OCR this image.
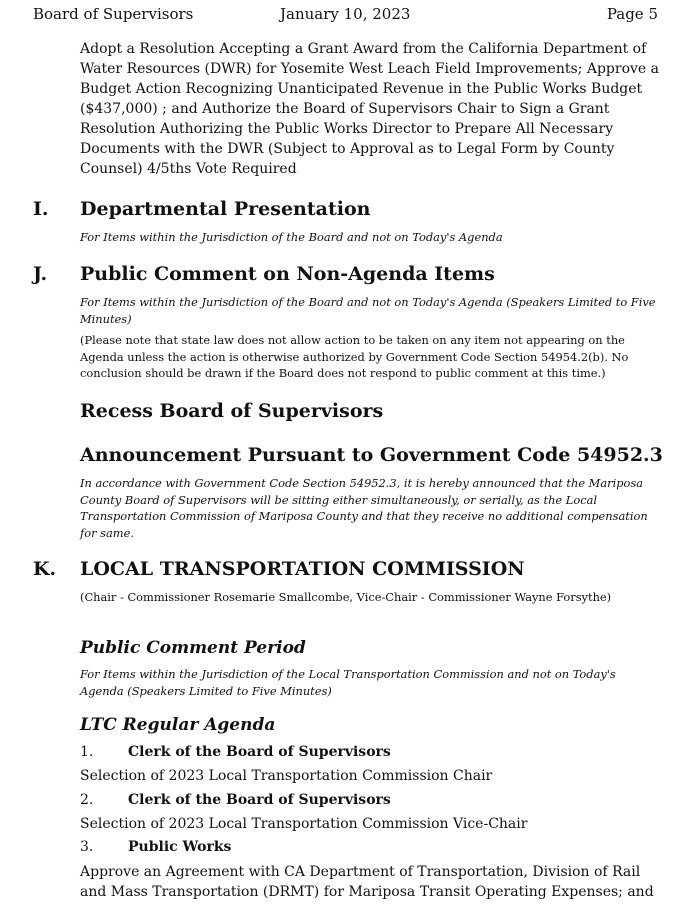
Board of Supervisors	January 10, 2023	Page 5
Adopt a Resolution Accepting a Grant Award from the California Department of Water Resources (DWR) for Yosemite West Leach Field Improvements; Approve a Budget Action Recognizing Unanticipated Revenue in the Public Works Budget ($437,000) ; and Authorize the Board of Supervisors Chair to Sign a Grant Resolution Authorizing the Public Works Director to Prepare All Necessary Documents with the DWR (Subject to Approval as to Legal Form by County Counsel) 4/5ths Vote Required
I. Departmental Presentation
For Items within the Jurisdiction of the Board and not on Today's Agenda
J. Public Comment on Non-Agenda Items
For Items within the Jurisdiction of the Board and not on Today's Agenda (Speakers Limited to Five Minutes)
(Please note that state law does not allow action to be taken on any item not appearing on the Agenda unless the action is otherwise authorized by Government Code Section 54954.2(b). No conclusion should be drawn if the Board does not respond to public comment at this time.)
Recess Board of Supervisors
Announcement Pursuant to Government Code 54952.3
In accordance with Government Code Section 54952.3, it is hereby announced that the Mariposa County Board of Supervisors will be sitting either simultaneously, or serially, as the Local Transportation Commission of Mariposa County and that they receive no additional compensation for same.
K. LOCAL TRANSPORTATION COMMISSION
(Chair - Commissioner Rosemarie Smallcombe, Vice-Chair - Commissioner Wayne Forsythe)
Public Comment Period
For Items within the Jurisdiction of the Local Transportation Commission and not on Today's Agenda (Speakers Limited to Five Minutes)
LTC Regular Agenda
1. Clerk of the Board of Supervisors
Selection of 2023 Local Transportation Commission Chair
2. Clerk of the Board of Supervisors
Selection of 2023 Local Transportation Commission Vice-Chair
3. Public Works
Approve an Agreement with CA Department of Transportation, Division of Rail and Mass Transportation (DRMT) for Mariposa Transit Operating Expenses; and
